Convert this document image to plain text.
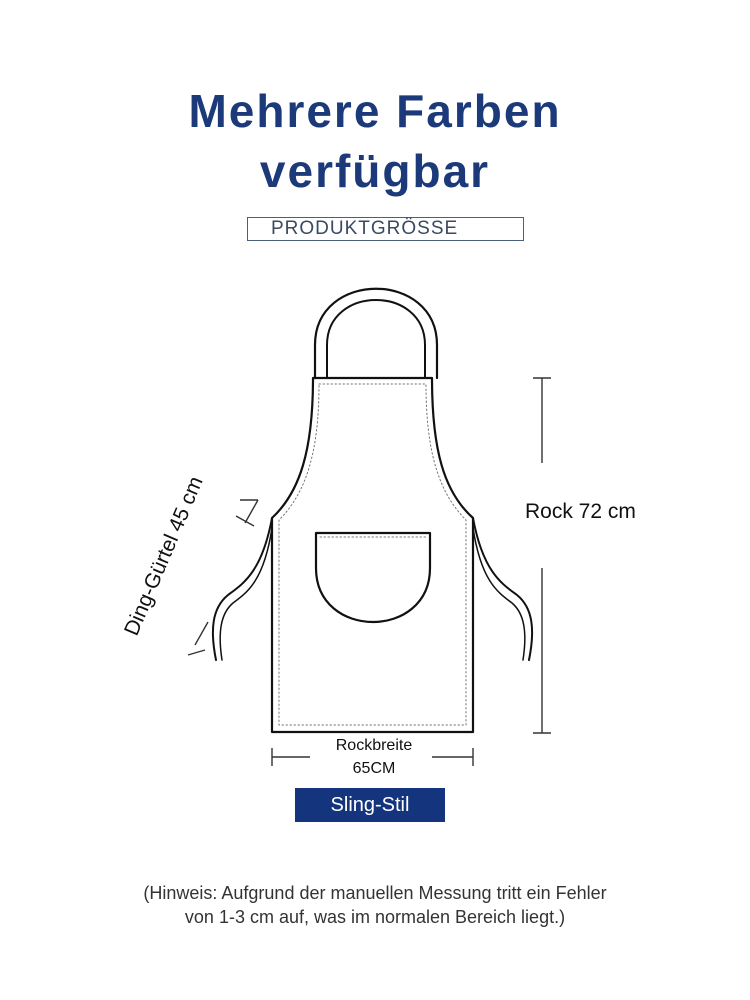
Mehrere Farben
verfügbar
PRODUKTGRÖSSE
Rock 72 cm
Ding-Gürtel 45 cm
Rockbreite
65CM
Sling-Stil
(Hinweis: Aufgrund der manuellen Messung tritt ein Fehler
von 1-3 cm auf, was im normalen Bereich liegt.)
